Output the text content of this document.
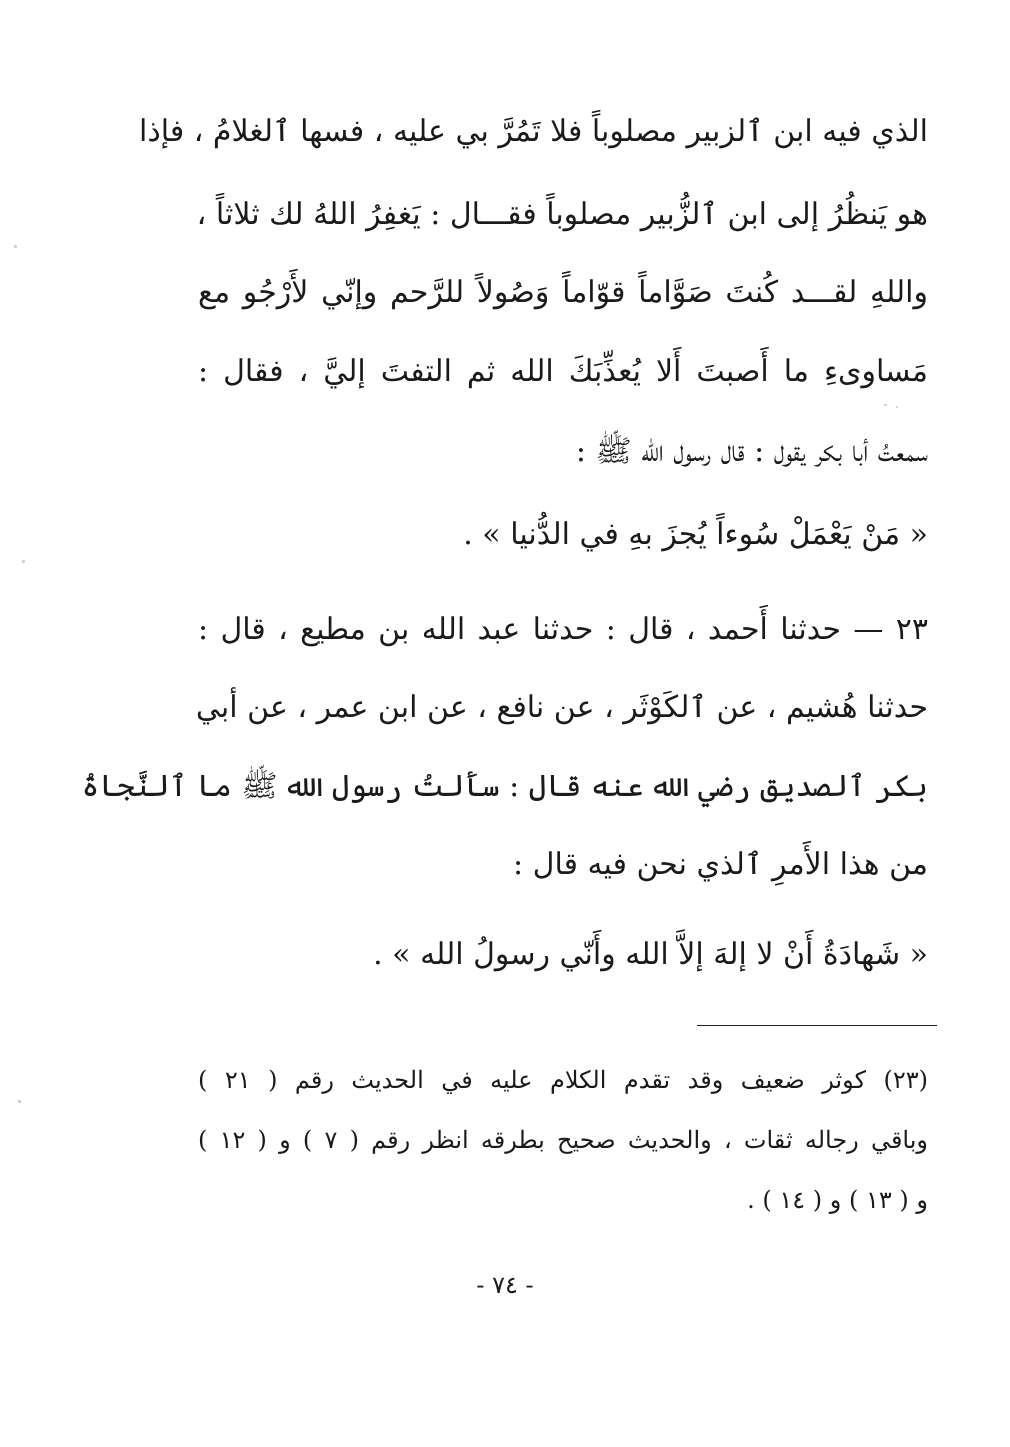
الذي فيه ابن ٱلزبير مصلوباً فلا تَمُرَّ بي عليه ، فسها ٱلغلامُ ، فإذا
هو يَنظُرُ إلى ابن ٱلزُّبير مصلوباً فقـــال : يَغفِرُ اللهُ لك ثلاثاً ،
واللهِ لقـــد كُنتَ صَوَّاماً قوّاماً وَصُولاً للرَّحم وإنّي لأَرْجُو مع
مَساوىءِ ما أَصبتَ أَلا يُعذِّبَكَ الله ثم التفتَ إليَّ ، فقال :
سمعتُ أبا بكر يقول : قال رسول الله ﷺ :
« مَنْ يَعْمَلْ سُوءاً يُجزَ بهِ في الدُّنيا » .
٢٣ — حدثنا أَحمد ، قال : حدثنا عبد الله بن مطيع ، قال :
حدثنا هُشيم ، عن ٱلكَوْثَر ، عن نافع ، عن ابن عمر ، عن أبي
بكر ٱلصديق رضي الله عنه قال : سأَلتُ رسول الله ﷺ ما ٱلنَّجاةُ
من هذا الأَمرِ ٱلذي نحن فيه قال :
« شَهادَةُ أَنْ لا إلهَ إلاَّ الله وأَنّي رسولُ الله » .
(٢٣) كوثر ضعيف وقد تقدم الكلام عليه في الحديث رقم ( ٢١ )
وباقي رجاله ثقات ، والحديث صحيح بطرقه انظر رقم ( ٧ ) و ( ١٢ )
و ( ١٣ ) و ( ١٤ ) .
- ٧٤ -
